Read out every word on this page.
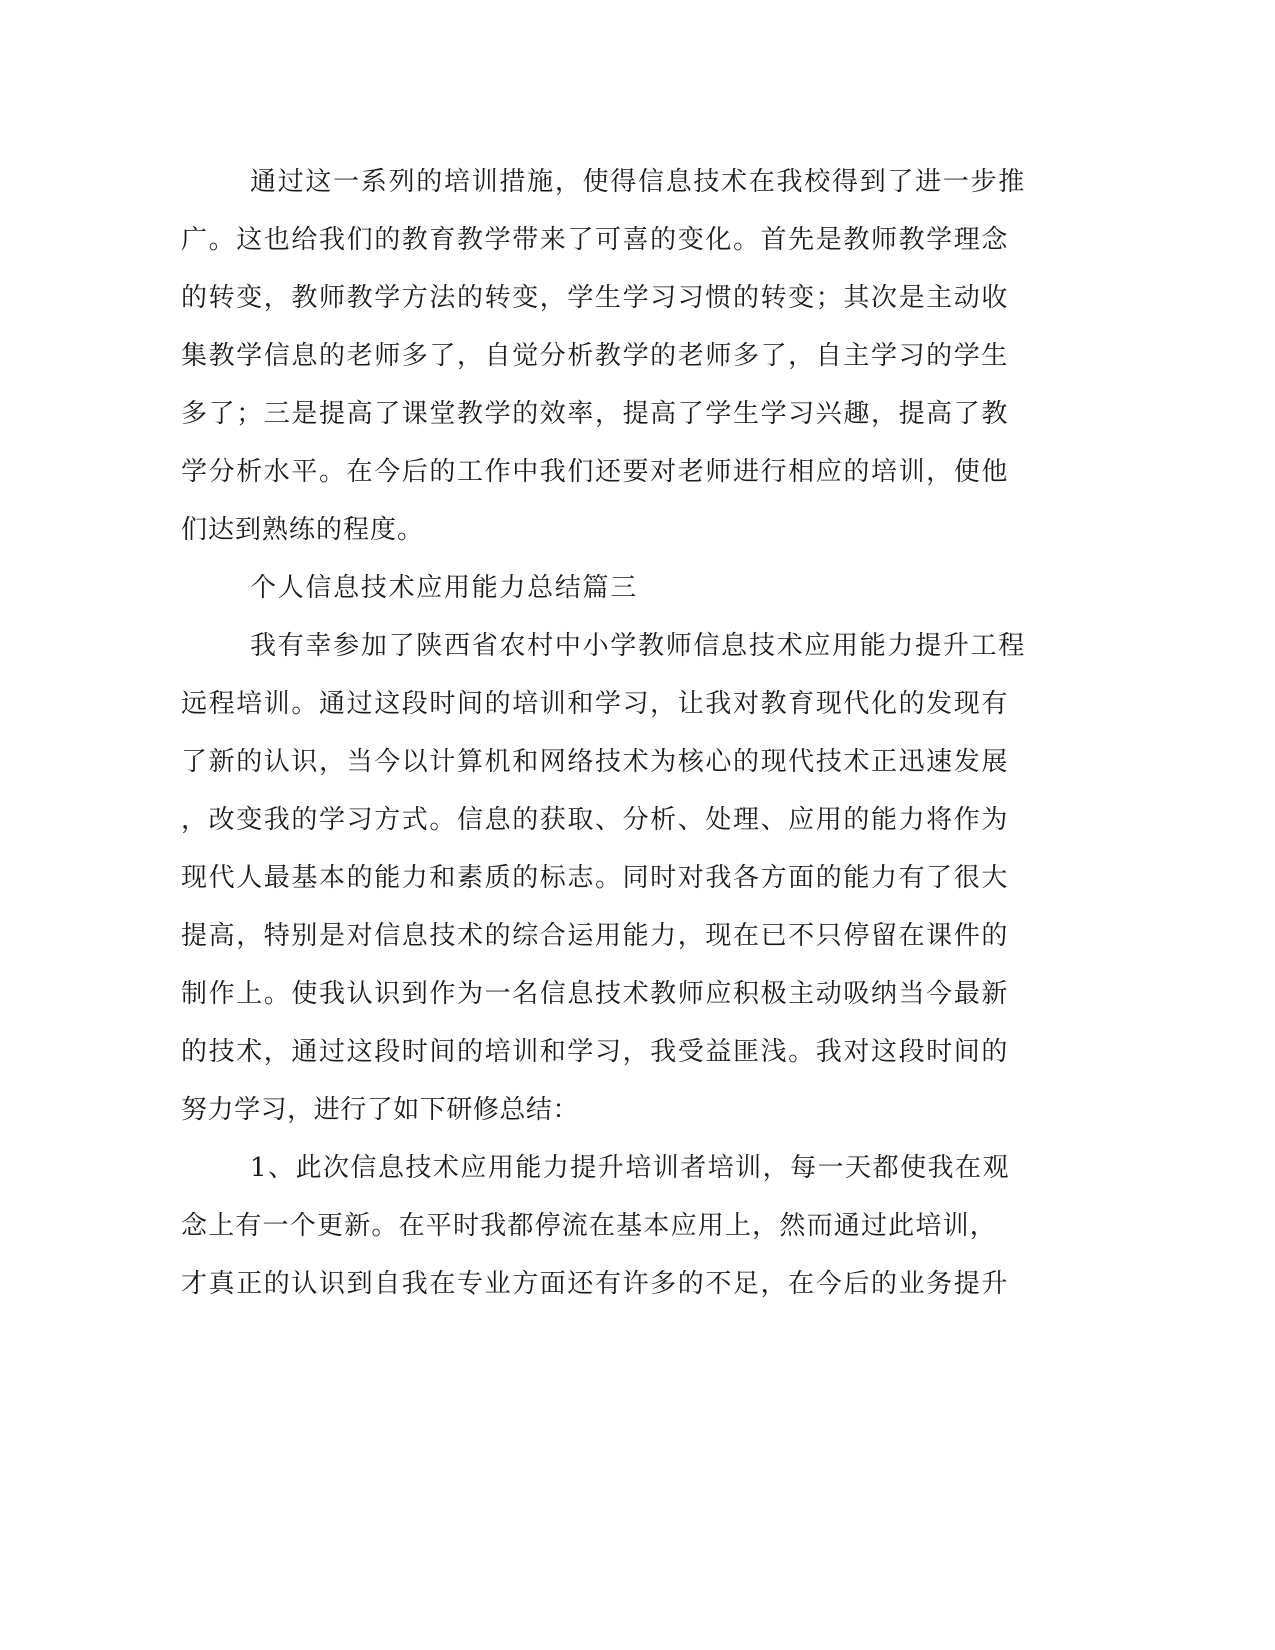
通过这一系列的培训措施，使得信息技术在我校得到了进一步推
广。这也给我们的教育教学带来了可喜的变化。首先是教师教学理念
的转变，教师教学方法的转变，学生学习习惯的转变；其次是主动收
集教学信息的老师多了，自觉分析教学的老师多了，自主学习的学生
多了；三是提高了课堂教学的效率，提高了学生学习兴趣，提高了教
学分析水平。在今后的工作中我们还要对老师进行相应的培训，使他
们达到熟练的程度。
个人信息技术应用能力总结篇三
我有幸参加了陕西省农村中小学教师信息技术应用能力提升工程
远程培训。通过这段时间的培训和学习，让我对教育现代化的发现有
了新的认识，当今以计算机和网络技术为核心的现代技术正迅速发展
，改变我的学习方式。信息的获取、分析、处理、应用的能力将作为
现代人最基本的能力和素质的标志。同时对我各方面的能力有了很大
提高，特别是对信息技术的综合运用能力，现在已不只停留在课件的
制作上。使我认识到作为一名信息技术教师应积极主动吸纳当今最新
的技术，通过这段时间的培训和学习，我受益匪浅。我对这段时间的
努力学习，进行了如下研修总结：
1、此次信息技术应用能力提升培训者培训，每一天都使我在观
念上有一个更新。在平时我都停流在基本应用上，然而通过此培训，
才真正的认识到自我在专业方面还有许多的不足，在今后的业务提升
